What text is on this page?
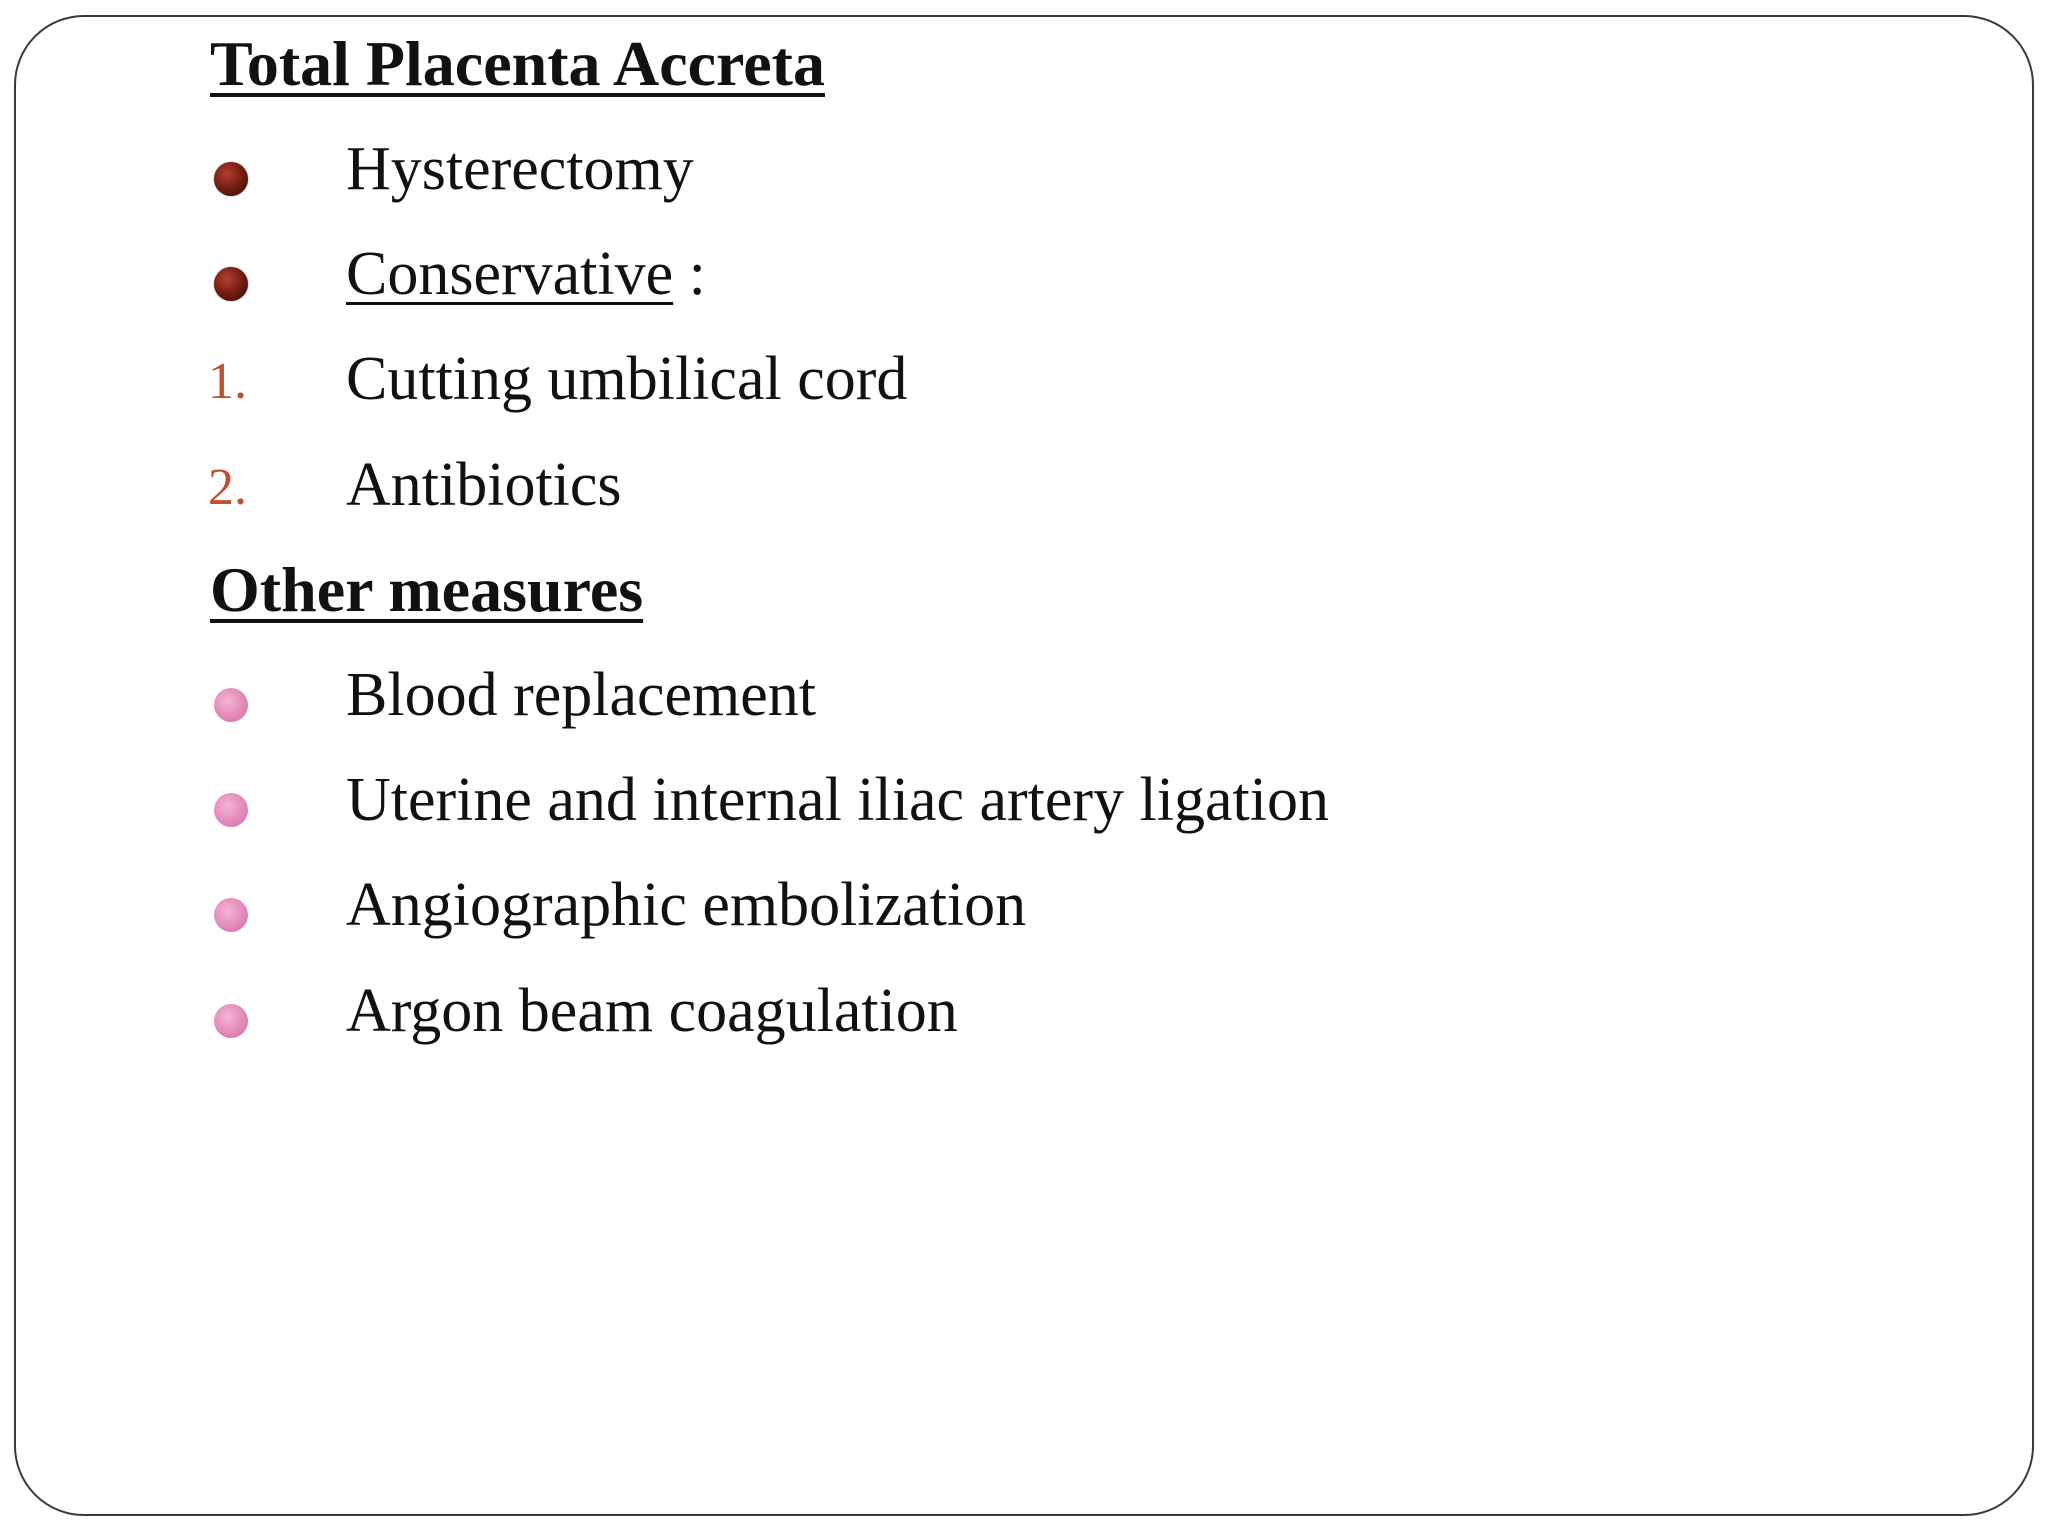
Total Placenta Accreta
Hysterectomy
Conservative :
1. Cutting umbilical cord
2. Antibiotics
Other measures
Blood replacement
Uterine and internal iliac artery ligation
Angiographic embolization
Argon beam coagulation
